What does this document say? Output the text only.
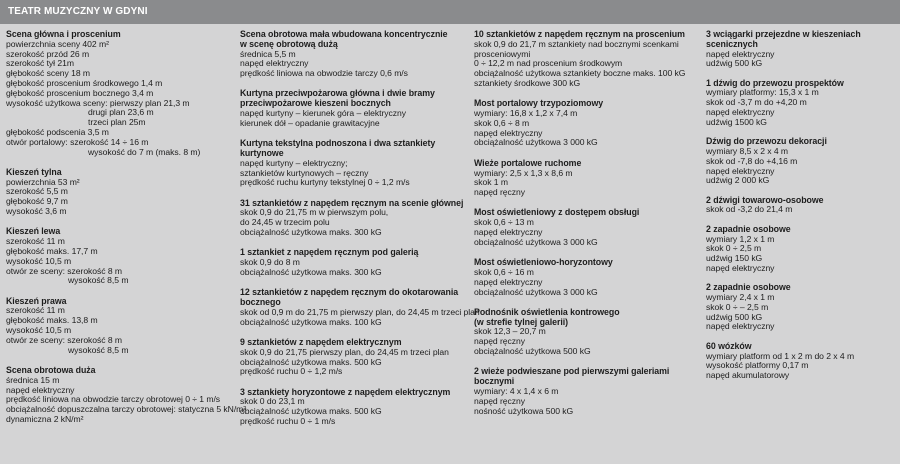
TEATR MUZYCZNY W GDYNI
Scena główna i proscenium
powierzchnia sceny 402 m²
szerokość przód 26 m
szerokość tył 21m
głębokość sceny 18 m
głębokość proscenium środkowego 1,4 m
głębokość proscenium bocznego 3,4 m
wysokość użytkowa sceny: pierwszy plan 21,3 m
drugi plan 23,6 m
trzeci plan 25m
głębokość podscenia 3,5 m
otwór portalowy: szerokość 14 ÷ 16 m
wysokość do 7 m (maks. 8 m)
Kieszeń tylna
powierzchnia 53 m²
szerokość 5,5 m
głębokość 9,7 m
wysokość 3,6 m
Kieszeń lewa
szerokość 11 m
głębokość maks. 17,7 m
wysokość 10,5 m
otwór ze sceny: szerokość 8 m
wysokość 8,5 m
Kieszeń prawa
szerokość 11 m
głębokość maks. 13,8 m
wysokość 10,5 m
otwór ze sceny: szerokość 8 m
wysokość 8,5 m
Scena obrotowa duża
średnica 15 m
napęd elektryczny
prędkość liniowa na obwodzie tarczy obrotowej 0 ÷ 1 m/s
obciążalność dopuszczalna tarczy obrotowej: statyczna 5 kN/m²
dynamiczna 2 kN/m²
Scena obrotowa mała wbudowana koncentrycznie
w scenę obrotową dużą
średnica 5,5 m
napęd elektryczny
prędkość liniowa na obwodzie tarczy 0,6 m/s
Kurtyna przeciwpożarowa główna i dwie bramy
przeciwpożarowe kieszeni bocznych
napęd kurtyny – kierunek góra – elektryczny
kierunek dół – opadanie grawitacyjne
Kurtyna tekstylna podnoszona i dwa sztankiety
kurtynowe
napęd kurtyny – elektryczny;
sztankietów kurtynowych – ręczny
prędkość ruchu kurtyny tekstylnej 0 ÷ 1,2 m/s
31 sztankietów z napędem ręcznym na scenie głównej
skok 0,9 do 21,75 m w pierwszym polu,
do 24,45 w trzecim polu
obciążalność użytkowa maks. 300 kG
1 sztankiet z napędem ręcznym pod galerią
skok 0,9 do 8 m
obciążalność użytkowa maks. 300 kG
12 sztankietów z napędem ręcznym do okotarowania
bocznego
skok od 0,9 m do 21,75 m pierwszy plan, do 24,45 m trzeci plan
obciążalność użytkowa maks. 100 kG
9 sztankietów z napędem elektrycznym
skok 0,9 do 21,75 pierwszy plan, do 24,45 m trzeci plan
obciążalność użytkowa maks. 500 kG
prędkość ruchu 0 ÷ 1,2 m/s
3 sztankiety horyzontowe z napędem elektrycznym
skok 0 do 23,1 m
obciążalność użytkowa maks. 500 kG
prędkość ruchu 0 ÷ 1 m/s
10 sztankietów z napędem ręcznym na proscenium
skok 0,9 do 21,7 m sztankiety nad bocznymi scenkami
prosceniowymi
0 ÷ 12,2 m nad proscenium środkowym
obciążalność użytkowa sztankiety boczne maks. 100 kG
sztankiety środkowe 300 kG
Most portalowy trzypoziomowy
wymiary: 16,8 x 1,2 x 7,4 m
skok 0,6 ÷ 8 m
napęd elektryczny
obciążalność użytkowa 3 000 kG
Wieże portalowe ruchome
wymiary: 2,5 x 1,3 x 8,6 m
skok 1 m
napęd ręczny
Most oświetleniowy z dostępem obsługi
skok 0,6 ÷ 13 m
napęd elektryczny
obciążalność użytkowa 3 000 kG
Most oświetleniowo-horyzontowy
skok 0,6 ÷ 16 m
napęd elektryczny
obciążalność użytkowa 3 000 kG
Podnośnik oświetlenia kontrowego
(w strefie tylnej galerii)
skok 12,3 – 20,7 m
napęd ręczny
obciążalność użytkowa 500 kG
2 wieże podwieszane pod pierwszymi galeriami
bocznymi
wymiary: 4 x 1,4 x 6 m
napęd ręczny
nośność użytkowa 500 kG
3 wciągarki przejezdne w kieszeniach scenicznych
napęd elektryczny
udźwig 500 kG
1 dźwig do przewozu prospektów
wymiary platformy: 15,3 x 1 m
skok od -3,7 m do +4,20 m
napęd elektryczny
udźwig 1500 kG
Dźwig do przewozu dekoracji
wymiary 8,5 x 2 x 4 m
skok od -7,8 do +4,16 m
napęd elektryczny
udźwig 2 000 kG
2 dźwigi towarowo-osobowe
skok od -3,2 do 21,4 m
2 zapadnie osobowe
wymiary 1,2 x 1 m
skok 0 ÷ 2,5 m
udźwig 150 kG
napęd elektryczny
2 zapadnie osobowe
wymiary 2,4 x 1 m
skok 0 ÷ – 2,5 m
udźwig 500 kG
napęd elektryczny
60 wózków
wymiary platform od 1 x 2 m do 2 x 4 m
wysokość platformy 0,17 m
napęd akumulatorowy
